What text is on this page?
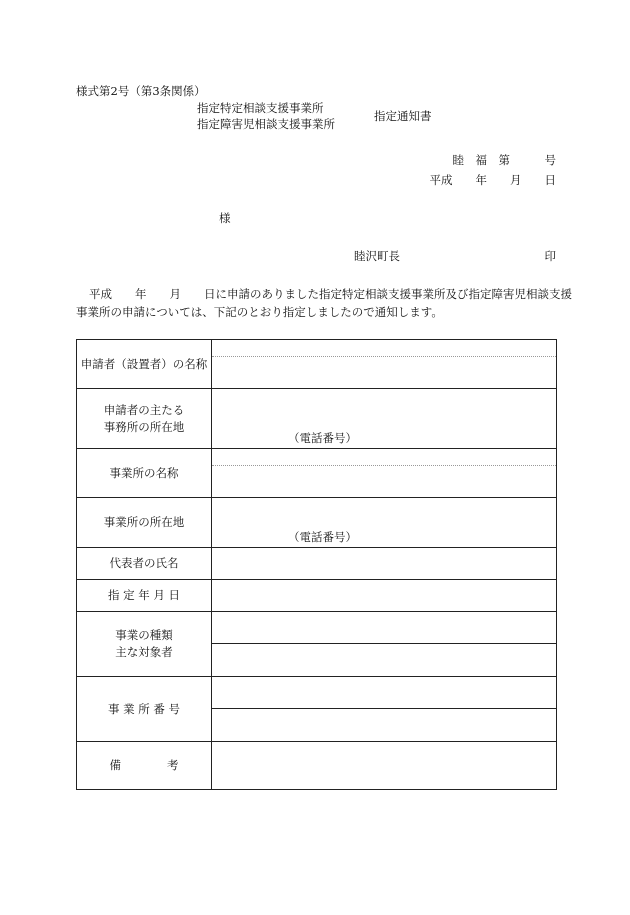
様式第2号（第3条関係）
指定特定相談支援事業所
指定障害児相談支援事業所
指定通知書
睦　福　第　　　号
平成　　年　　月　　日
様
睦沢町長	印
平成　　年　　月　　日に申請のありました指定特定相談支援事業所及び指定障害児相談支援
事業所の申請については、下記のとおり指定しましたので通知します。
申請者（設置者）の名称	

申請者の主たる
事務所の所在地	（電話番号）

事業所の名称	

事業所の所在地	（電話番号）

代表者の氏名	
指 定 年 月 日	

事業の種類
主な対象者	

事 業 所 番 号	

備　　　　考	
